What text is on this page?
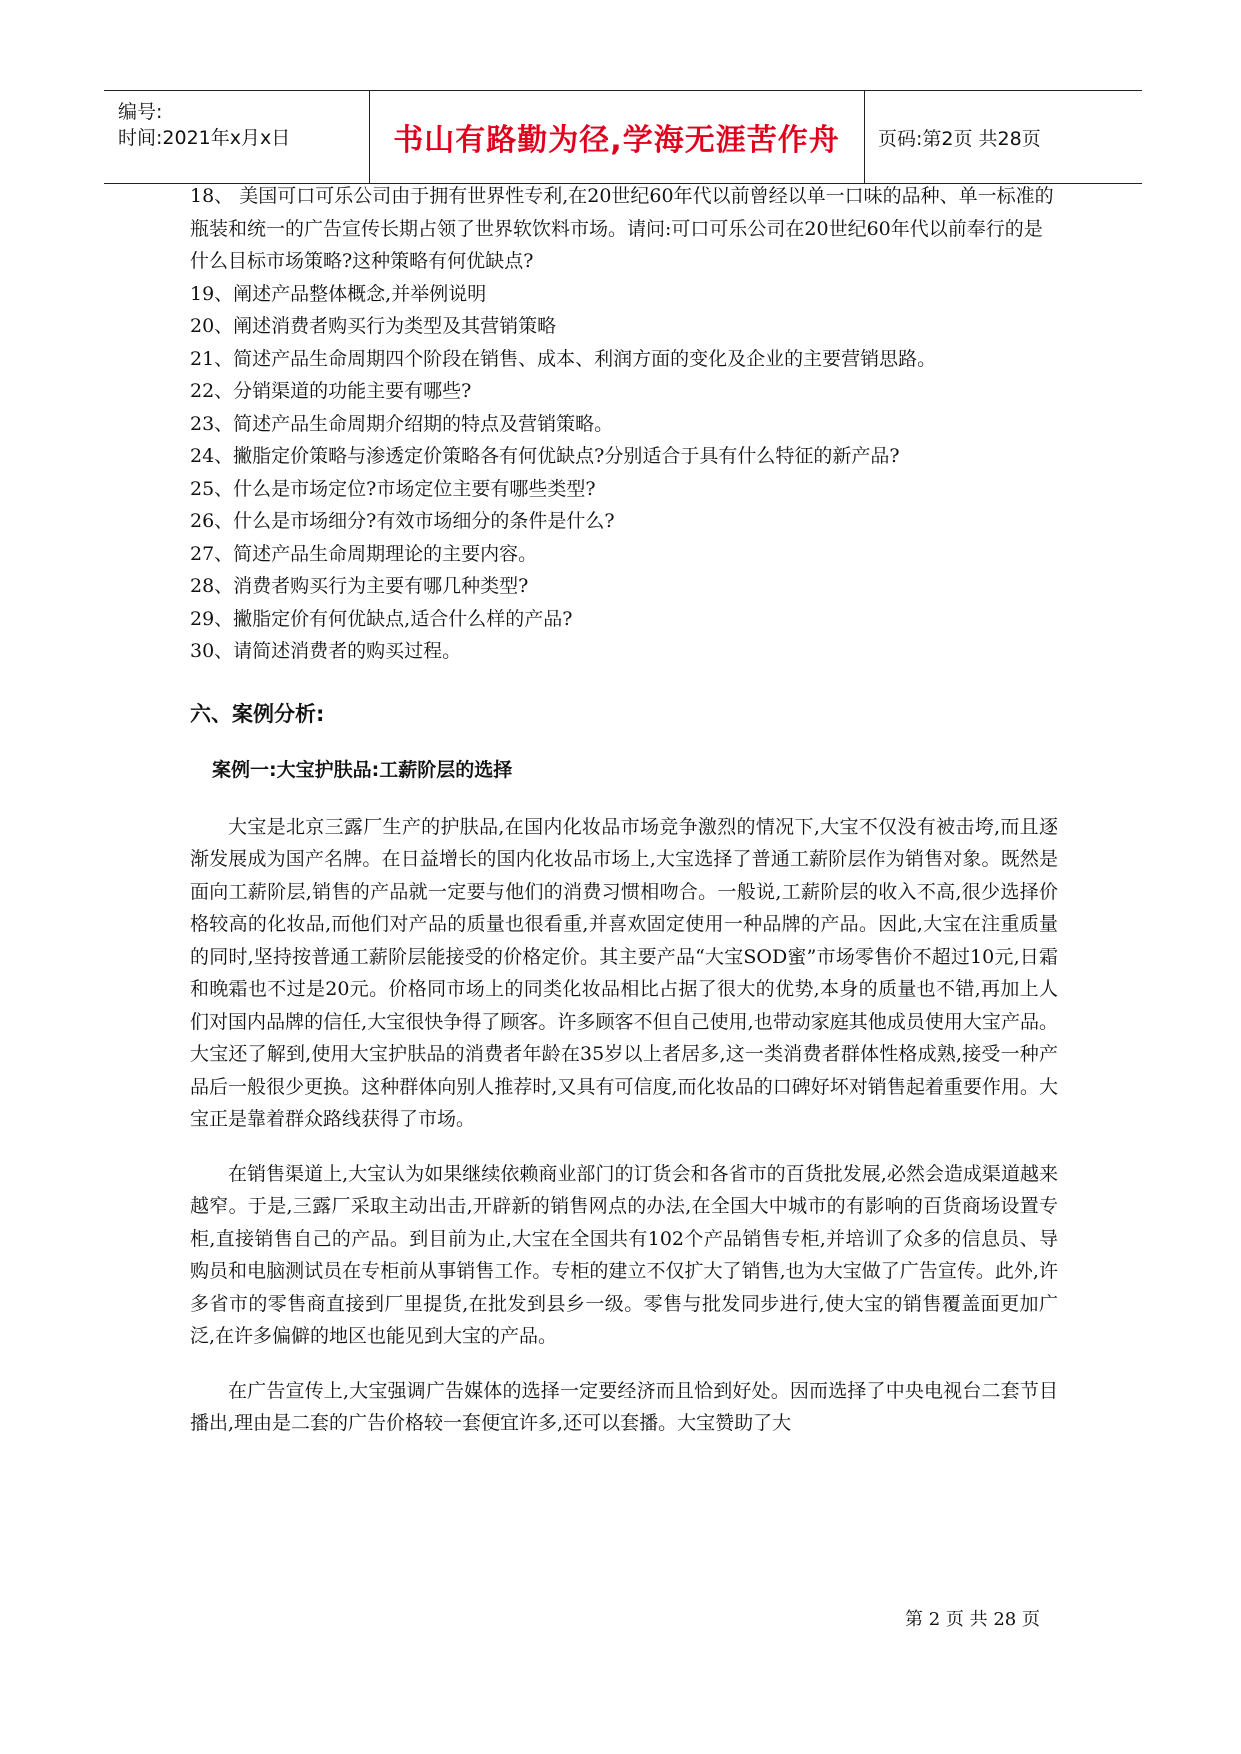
编号:
时间:2021年x月x日	书山有路勤为径,学海无涯苦作舟	页码:第2页 共28页

18、 美国可口可乐公司由于拥有世界性专利,在20世纪60年代以前曾经以单一口味的品种、单一标准的瓶装和统一的广告宣传长期占领了世界软饮料市场。请问:可口可乐公司在20世纪60年代以前奉行的是什么目标市场策略?这种策略有何优缺点?

19、阐述产品整体概念,并举例说明

20、阐述消费者购买行为类型及其营销策略

21、简述产品生命周期四个阶段在销售、成本、利润方面的变化及企业的主要营销思路。

22、分销渠道的功能主要有哪些?

23、简述产品生命周期介绍期的特点及营销策略。

24、撇脂定价策略与渗透定价策略各有何优缺点?分别适合于具有什么特征的新产品?

25、什么是市场定位?市场定位主要有哪些类型?

26、什么是市场细分?有效市场细分的条件是什么?

27、简述产品生命周期理论的主要内容。

28、消费者购买行为主要有哪几种类型?

29、撇脂定价有何优缺点,适合什么样的产品?

30、请简述消费者的购买过程。

六、案例分析:
案例一:大宝护肤品:工薪阶层的选择

大宝是北京三露厂生产的护肤品,在国内化妆品市场竞争激烈的情况下,大宝不仅没有被击垮,而且逐渐发展成为国产名牌。在日益增长的国内化妆品市场上,大宝选择了普通工薪阶层作为销售对象。既然是面向工薪阶层,销售的产品就一定要与他们的消费习惯相吻合。一般说,工薪阶层的收入不高,很少选择价格较高的化妆品,而他们对产品的质量也很看重,并喜欢固定使用一种品牌的产品。因此,大宝在注重质量的同时,坚持按普通工薪阶层能接受的价格定价。其主要产品“大宝SOD蜜”市场零售价不超过10元,日霜和晚霜也不过是20元。价格同市场上的同类化妆品相比占据了很大的优势,本身的质量也不错,再加上人们对国内品牌的信任,大宝很快争得了顾客。许多顾客不但自己使用,也带动家庭其他成员使用大宝产品。大宝还了解到,使用大宝护肤品的消费者年龄在35岁以上者居多,这一类消费者群体性格成熟,接受一种产品后一般很少更换。这种群体向别人推荐时,又具有可信度,而化妆品的口碑好坏对销售起着重要作用。大宝正是靠着群众路线获得了市场。

在销售渠道上,大宝认为如果继续依赖商业部门的订货会和各省市的百货批发展,必然会造成渠道越来越窄。于是,三露厂采取主动出击,开辟新的销售网点的办法,在全国大中城市的有影响的百货商场设置专柜,直接销售自己的产品。到目前为止,大宝在全国共有102个产品销售专柜,并培训了众多的信息员、导购员和电脑测试员在专柜前从事销售工作。专柜的建立不仅扩大了销售,也为大宝做了广告宣传。此外,许多省市的零售商直接到厂里提货,在批发到县乡一级。零售与批发同步进行,使大宝的销售覆盖面更加广泛,在许多偏僻的地区也能见到大宝的产品。

在广告宣传上,大宝强调广告媒体的选择一定要经济而且恰到好处。因而选择了中央电视台二套节目播出,理由是二套的广告价格较一套便宜许多,还可以套播。大宝赞助了大

第 2 页 共 28 页
